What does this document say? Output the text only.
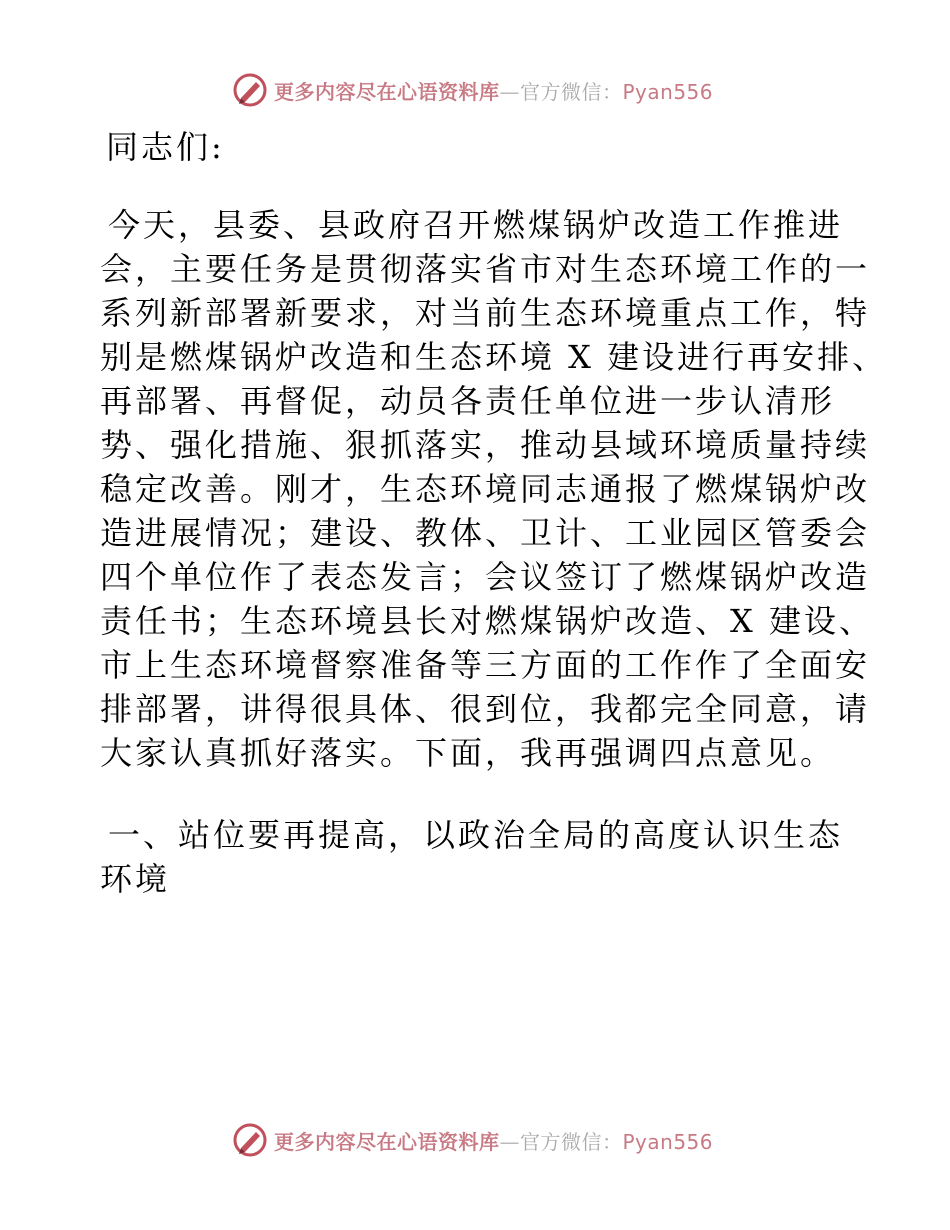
更多内容尽在心语资料库—官方微信：Pyan556
同志们:
今天，县委、县政府召开燃煤锅炉改造工作推进
会，主要任务是贯彻落实省市对生态环境工作的一
系列新部署新要求，对当前生态环境重点工作，特
别是燃煤锅炉改造和生态环境 X 建设进行再安排、
再部署、再督促，动员各责任单位进一步认清形
势、强化措施、狠抓落实，推动县域环境质量持续
稳定改善。刚才，生态环境同志通报了燃煤锅炉改
造进展情况；建设、教体、卫计、工业园区管委会
四个单位作了表态发言；会议签订了燃煤锅炉改造
责任书；生态环境县长对燃煤锅炉改造、X 建设、
市上生态环境督察准备等三方面的工作作了全面安
排部署，讲得很具体、很到位，我都完全同意，请
大家认真抓好落实。下面，我再强调四点意见。
一、站位要再提高，以政治全局的高度认识生态
环境
更多内容尽在心语资料库—官方微信：Pyan556
